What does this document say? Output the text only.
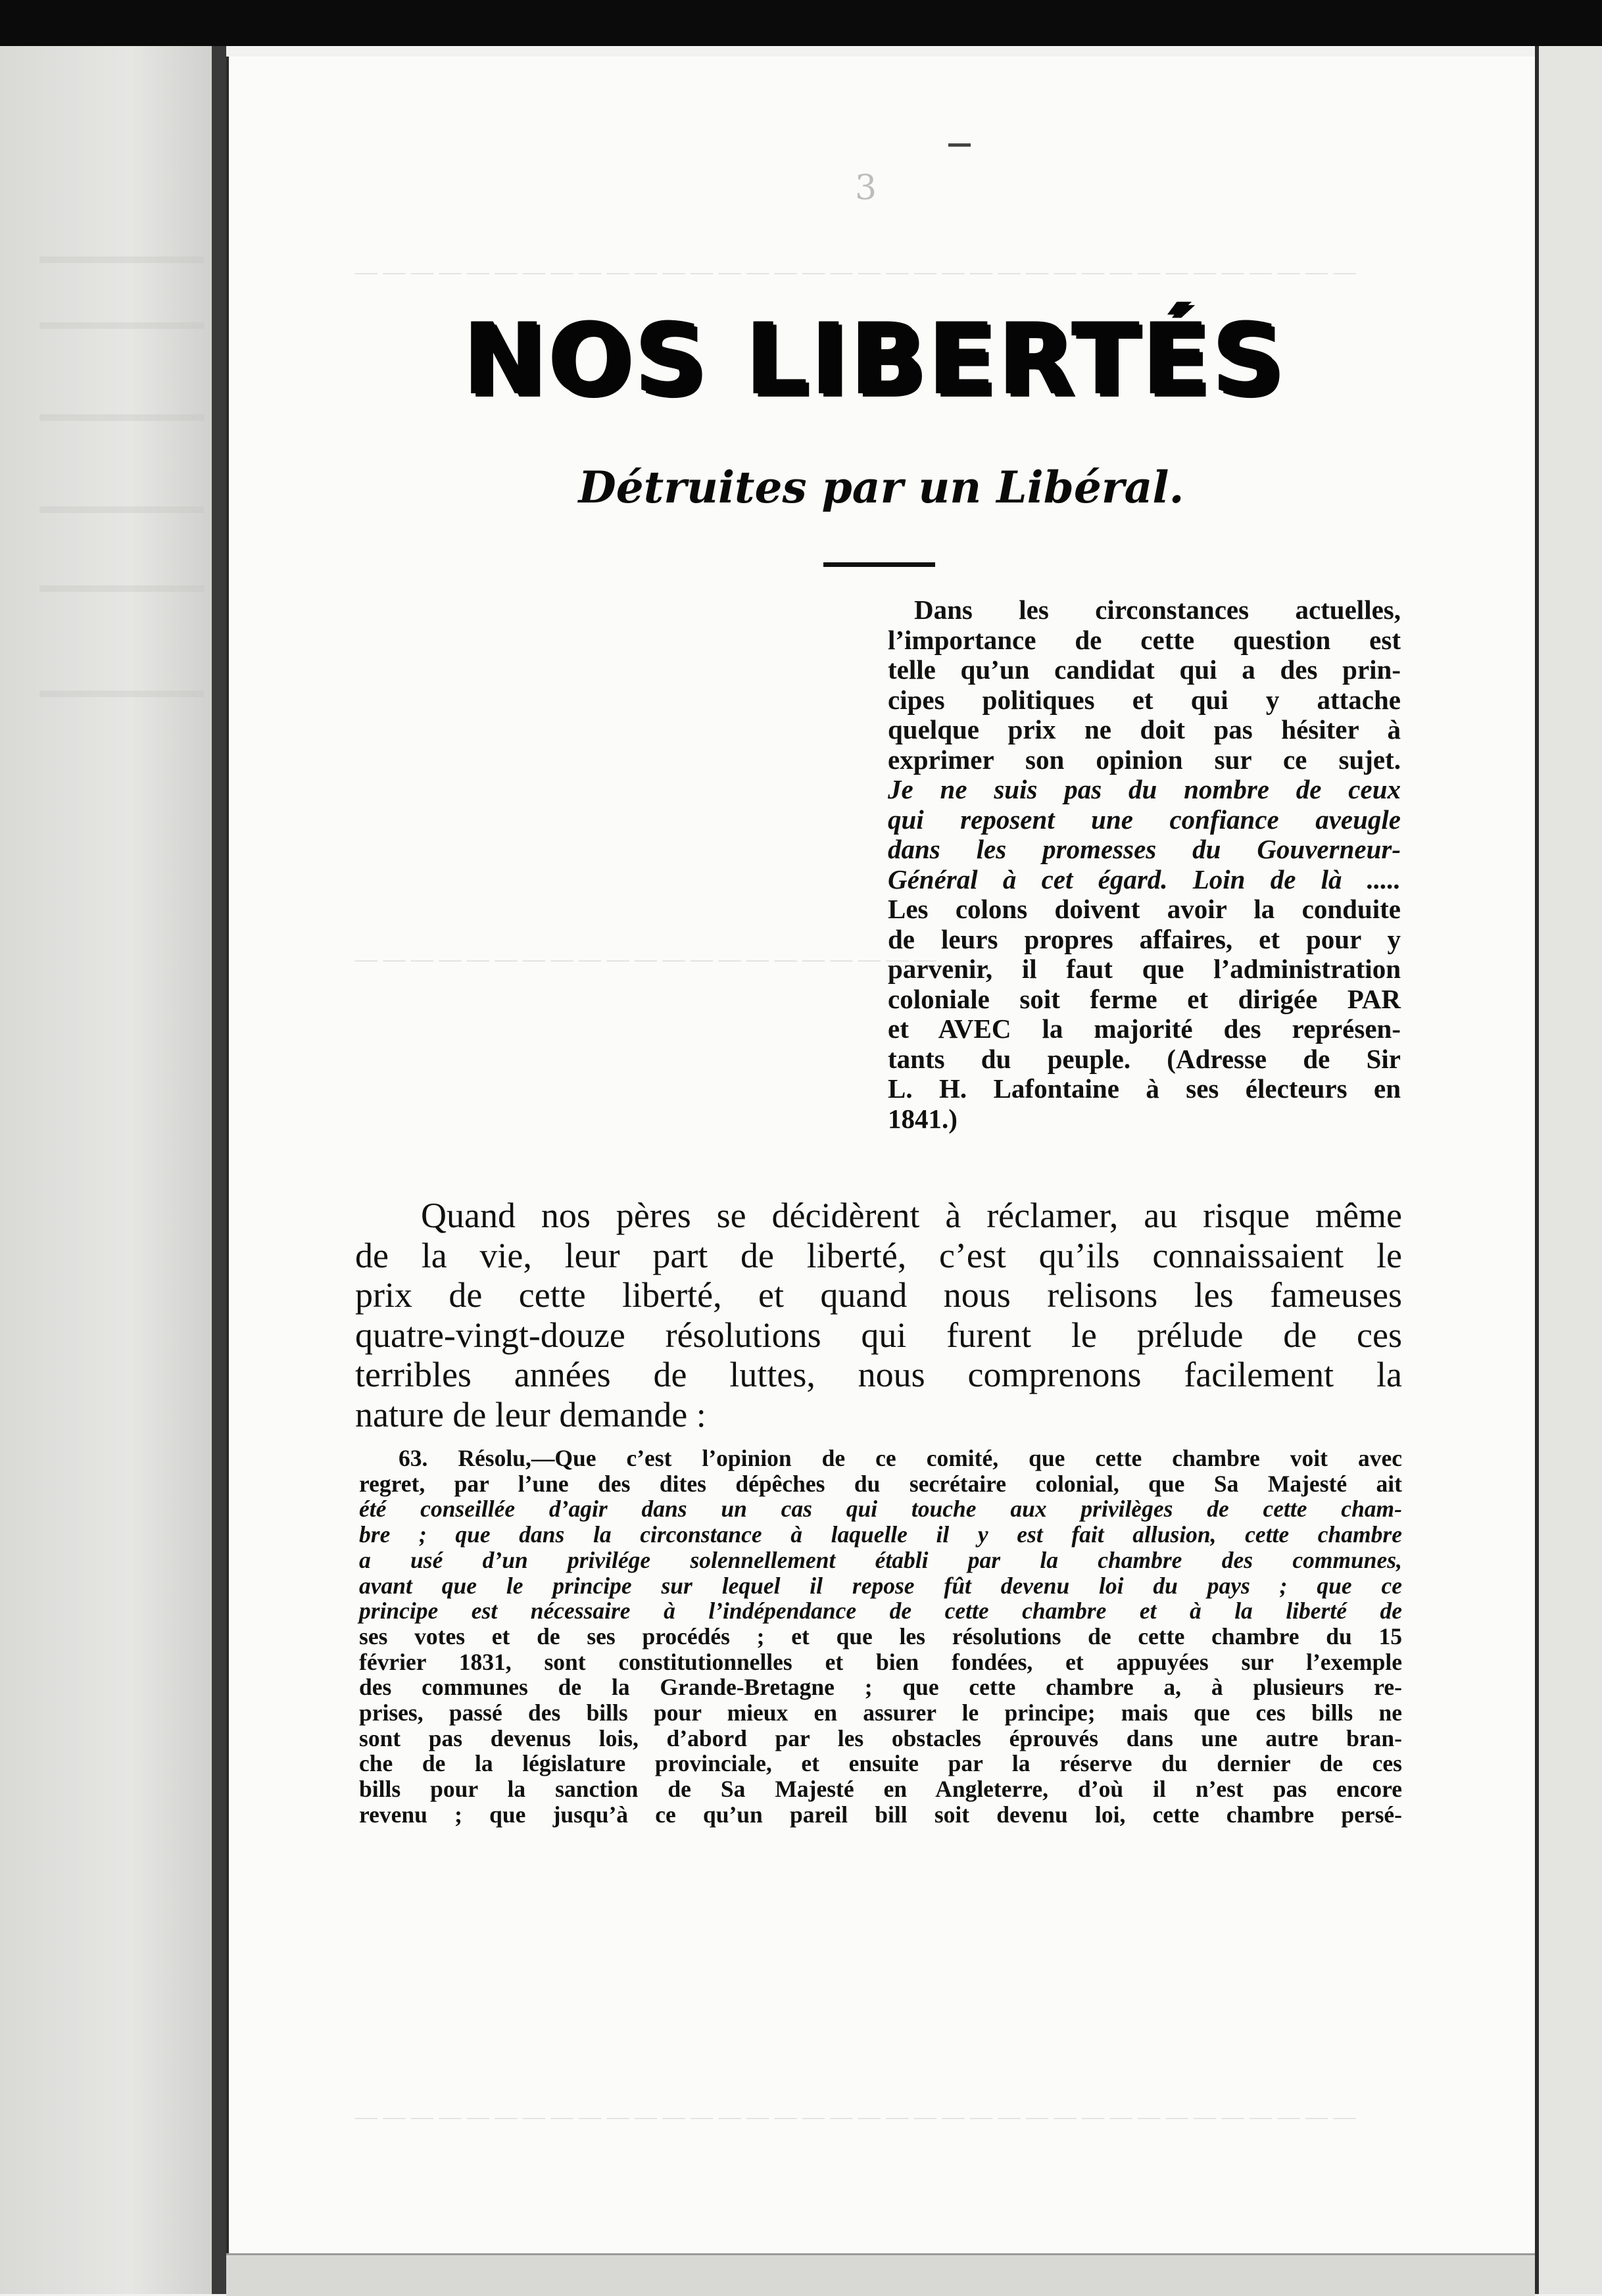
3
— — — — — — — — — — — — — — — — — — — — — — — — — — — — — — — — — — — —
— — — — — — — — — — — — — — — — — — — — —
— — — — — — — — — — — — — — — — — — — — — — — — — — — — — — — — — — — —
NOS LIBERTÉS
Détruites par un Libéral.
Dans les circonstances actuelles,
l’importance de cette question est
telle qu’un candidat qui a des prin-
cipes politiques et qui y attache
quelque prix ne doit pas hésiter à
exprimer son opinion sur ce sujet.
Je ne suis pas du nombre de ceux
qui reposent une confiance aveugle
dans les promesses du Gouverneur-
Général à cet égard. Loin de là .....
Les colons doivent avoir la conduite
de leurs propres affaires, et pour y
parvenir, il faut que l’administration
coloniale soit ferme et dirigée PAR
et AVEC la majorité des représen-
tants du peuple. (Adresse de Sir
L. H. Lafontaine à ses électeurs en
1841.)
Quand nos pères se décidèrent à réclamer, au risque même
de la vie, leur part de liberté, c’est qu’ils connaissaient le
prix de cette liberté, et quand nous relisons les fameuses
quatre-vingt-douze résolutions qui furent le prélude de ces
terribles années de luttes, nous comprenons facilement la
nature de leur demande :
63. Résolu,—Que c’est l’opinion de ce comité, que cette chambre voit avec
regret, par l’une des dites dépêches du secrétaire colonial, que Sa Majesté ait
été conseillée d’agir dans un cas qui touche aux privilèges de cette cham-
bre ; que dans la circonstance à laquelle il y est fait allusion, cette chambre
a usé d’un privilége solennellement établi par la chambre des communes,
avant que le principe sur lequel il repose fût devenu loi du pays ; que ce
principe est nécessaire à l’indépendance de cette chambre et à la liberté de
ses votes et de ses procédés ; et que les résolutions de cette chambre du 15
février 1831, sont constitutionnelles et bien fondées, et appuyées sur l’exemple
des communes de la Grande-Bretagne ; que cette chambre a, à plusieurs re-
prises, passé des bills pour mieux en assurer le principe; mais que ces bills ne
sont pas devenus lois, d’abord par les obstacles éprouvés dans une autre bran-
che de la législature provinciale, et ensuite par la réserve du dernier de ces
bills pour la sanction de Sa Majesté en Angleterre, d’où il n’est pas encore
revenu ; que jusqu’à ce qu’un pareil bill soit devenu loi, cette chambre persé-
